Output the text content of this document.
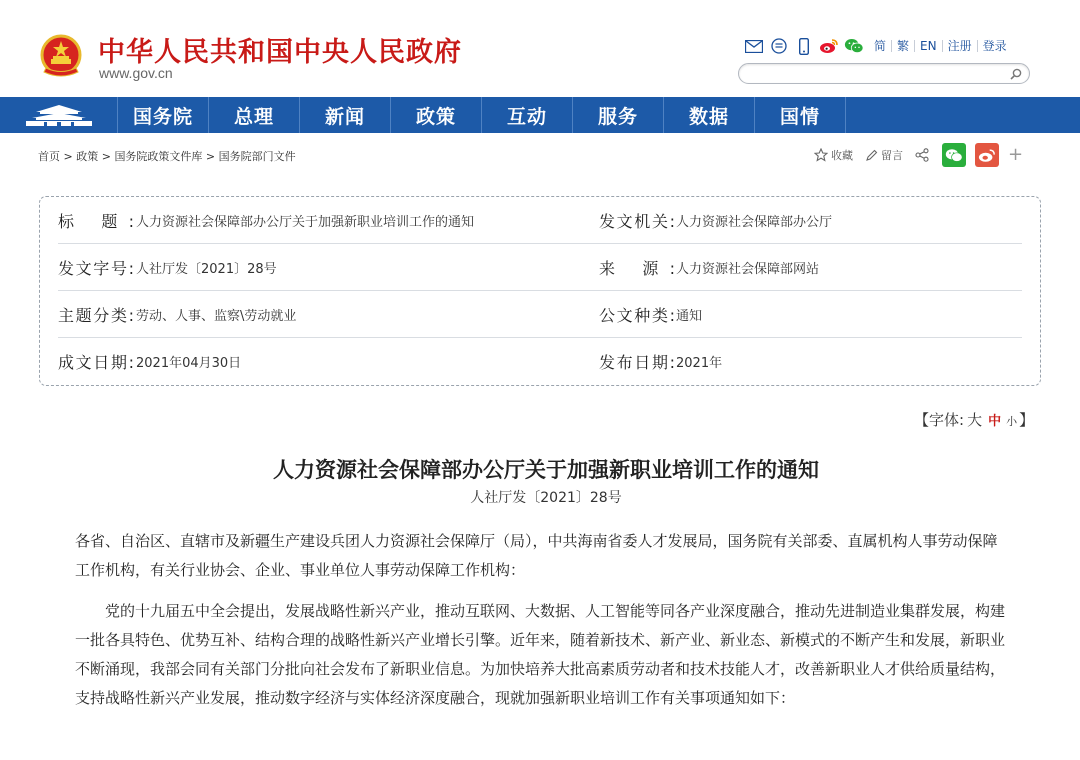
中华人民共和国中央人民政府
www.gov.cn
简 繁 EN 注册 登录
国务院	总理	新闻	政策	互动	服务	数据	国情
首页 > 政策 > 国务院政策文件库 > 国务院部门文件	收藏	留言	+
标 题: 人力资源社会保障部办公厅关于加强新职业培训工作的通知	发文机关: 人力资源社会保障部办公厅
发文字号: 人社厅发〔2021〕28号	来 源: 人力资源社会保障部网站
主题分类: 劳动、人事、监察\劳动就业	公文种类: 通知
成文日期: 2021年04月30日	发布日期: 2021年
【字体: 大 中 小 】
人力资源社会保障部办公厅关于加强新职业培训工作的通知
人社厅发〔2021〕28号
各省、自治区、直辖市及新疆生产建设兵团人力资源社会保障厅（局），中共海南省委人才发展局，国务院有关部委、直属机构人事劳动保障工作机构，有关行业协会、企业、事业单位人事劳动保障工作机构：
党的十九届五中全会提出，发展战略性新兴产业，推动互联网、大数据、人工智能等同各产业深度融合，推动先进制造业集群发展，构建一批各具特色、优势互补、结构合理的战略性新兴产业增长引擎。近年来，随着新技术、新产业、新业态、新模式的不断产生和发展，新职业不断涌现，我部会同有关部门分批向社会发布了新职业信息。为加快培养大批高素质劳动者和技术技能人才，改善新职业人才供给质量结构，支持战略性新兴产业发展，推动数字经济与实体经济深度融合，现就加强新职业培训工作有关事项通知如下：
